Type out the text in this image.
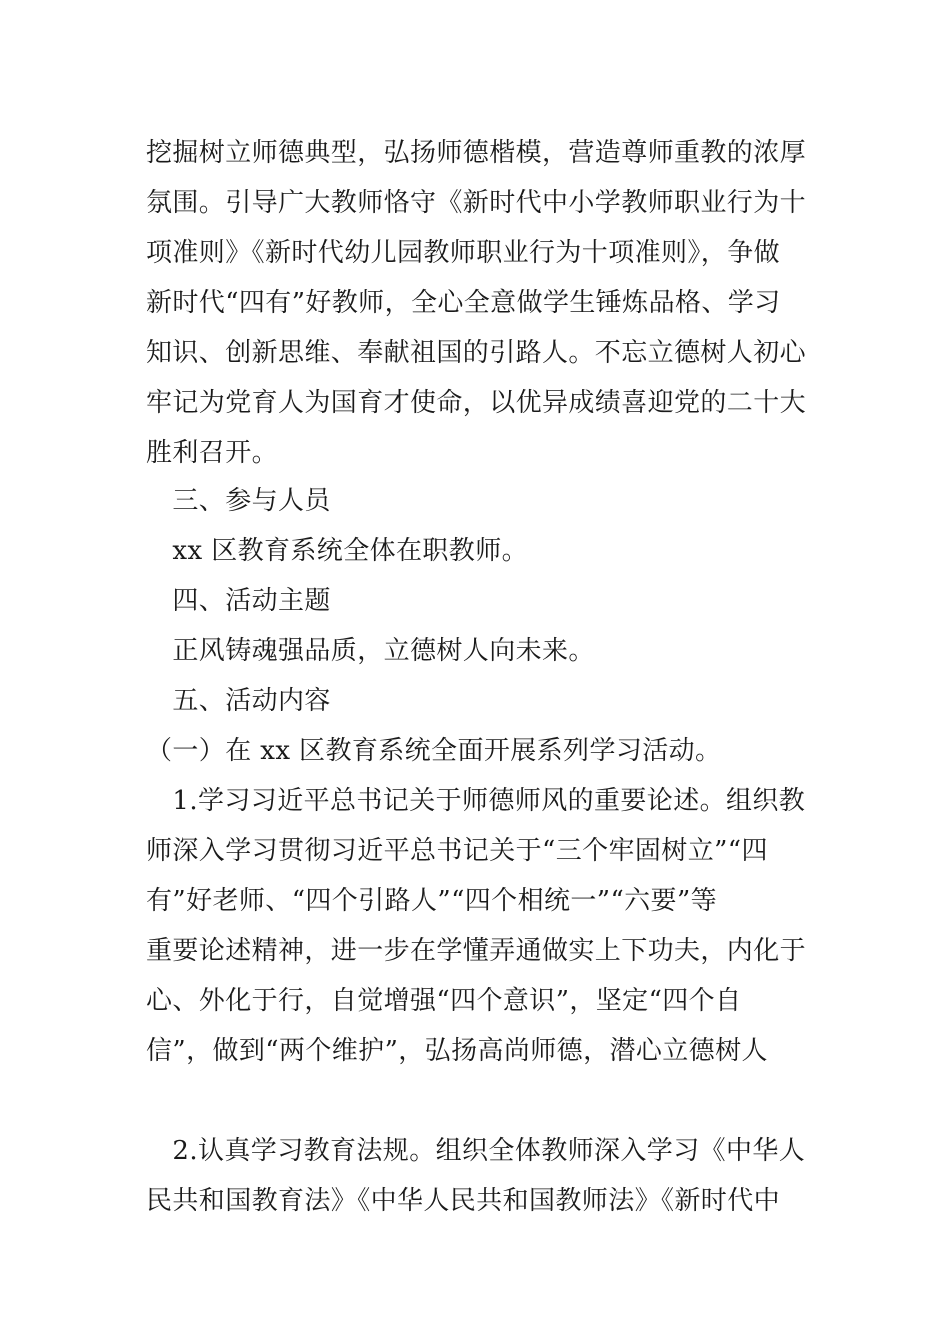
挖掘树立师德典型，弘扬师德楷模，营造尊师重教的浓厚
氛围。引导广大教师恪守《新时代中小学教师职业行为十
项准则》《新时代幼儿园教师职业行为十项准则》，争做
新时代“四有”好教师，全心全意做学生锤炼品格、学习
知识、创新思维、奉献祖国的引路人。不忘立德树人初心
牢记为党育人为国育才使命，以优异成绩喜迎党的二十大
胜利召开。
　三、参与人员
　xx 区教育系统全体在职教师。
　四、活动主题
　正风铸魂强品质，立德树人向未来。
　五、活动内容
（一）在 xx 区教育系统全面开展系列学习活动。
　1.学习习近平总书记关于师德师风的重要论述。组织教
师深入学习贯彻习近平总书记关于“三个牢固树立”“四
有”好老师、“四个引路人”“四个相统一”“六要”等
重要论述精神，进一步在学懂弄通做实上下功夫，内化于
心、外化于行，自觉增强“四个意识”，坚定“四个自
信”，做到“两个维护”，弘扬高尚师德，潜心立德树人
　2.认真学习教育法规。组织全体教师深入学习《中华人
民共和国教育法》《中华人民共和国教师法》《新时代中
